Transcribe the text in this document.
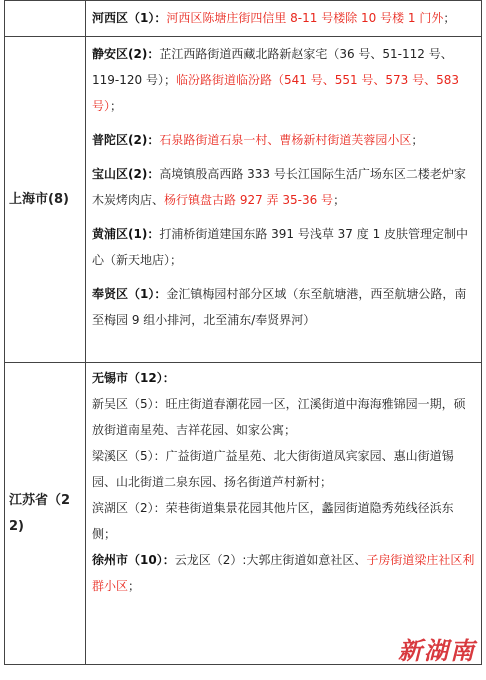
	河西区（1）：河西区陈塘庄街四信里 8-11 号楼除 10 号楼 1 门外；

上海市(8)	静安区(2)：芷江西路街道西藏北路新赵家宅（36 号、51-112 号、119-120 号）；临汾路街道临汾路（541 号、551 号、573 号、583 号）；

普陀区(2)：石泉路街道石泉一村、曹杨新村街道芙蓉园小区；

宝山区(2)：高境镇殷高西路 333 号长江国际生活广场东区二楼老炉家木炭烤肉店、杨行镇盘古路 927 弄 35-36 号；

黄浦区(1)：打浦桥街道建国东路 391 号浅草 37 度 1 皮肤管理定制中心（新天地店）；

奉贤区（1）：金汇镇梅园村部分区域（东至航塘港，西至航塘公路，南至梅园 9 组小排河，北至浦东/奉贤界河）

江苏省（2 2)	无锡市（12）：

新吴区（5）：旺庄街道春潮花园一区，江溪街道中海海雅锦园一期，硕放街道南星苑、吉祥花园、如家公寓；

梁溪区（5）：广益街道广益星苑、北大街街道凤宾家园、惠山街道锡园、山北街道二泉东园、扬名街道芦村新村；

滨湖区（2）：荣巷街道集景花园其他片区，蠡园街道隐秀苑线径浜东侧；

徐州市（10）：云龙区（2）:大郭庄街道如意社区、子房街道梁庄社区利群小区；

新湖南
